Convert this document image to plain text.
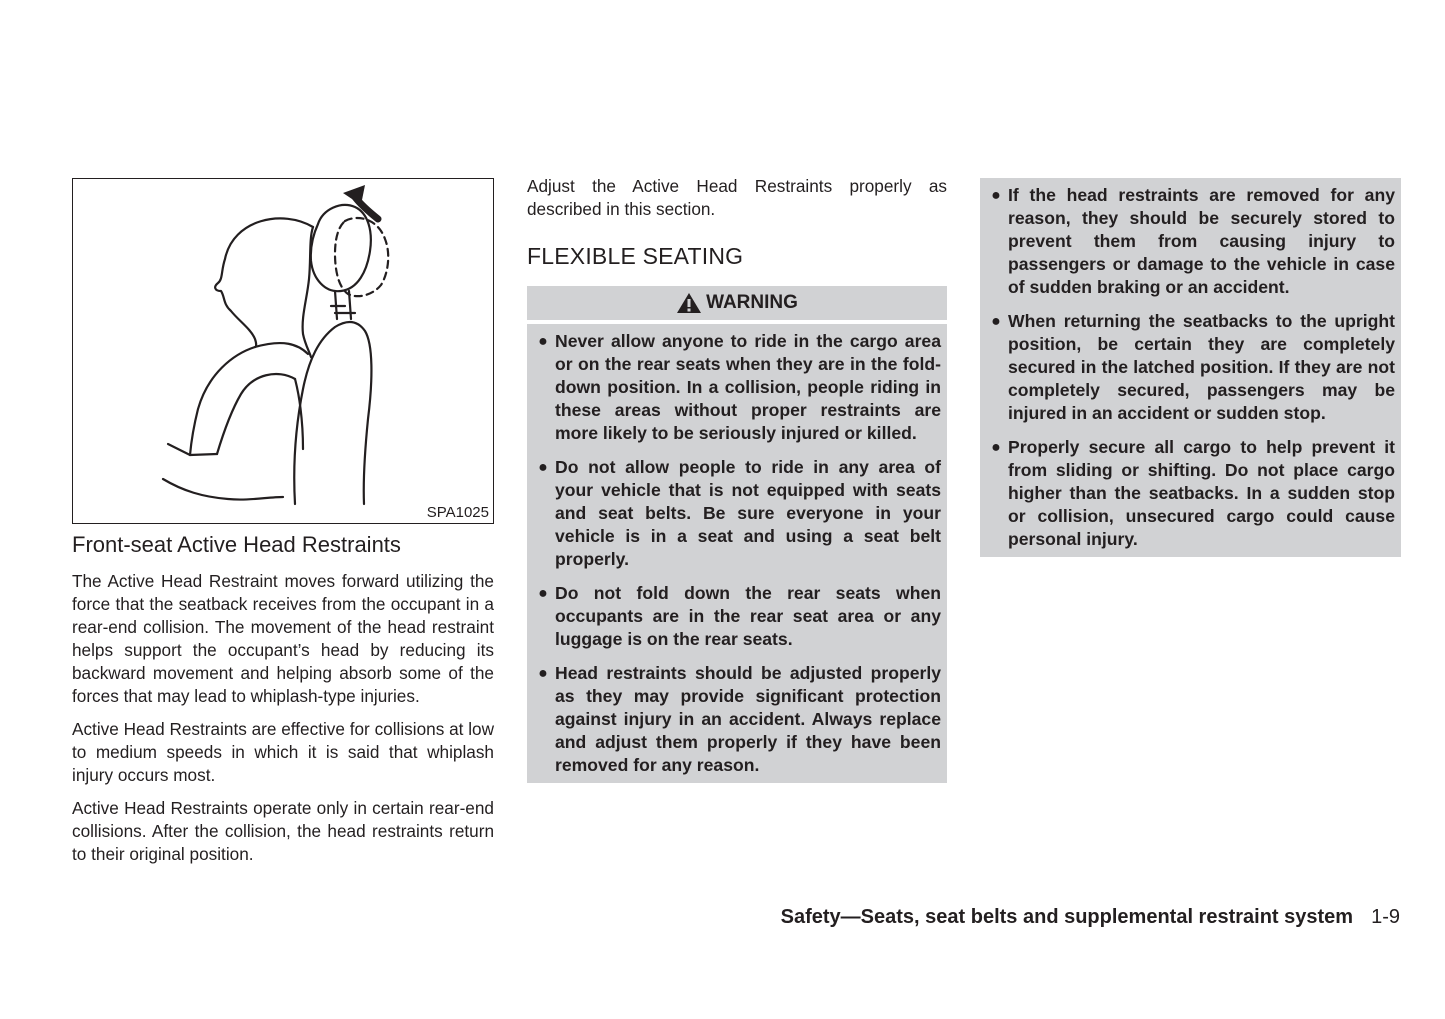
SPA1025
Front-seat Active Head Restraints

The Active Head Restraint moves forward utilizing the force that the seatback receives from the occupant in a rear-end collision. The movement of the head restraint helps support the occupant’s head by reducing its backward movement and helping absorb some of the forces that may lead to whiplash-type injuries.

Active Head Restraints are effective for collisions at low to medium speeds in which it is said that whiplash injury occurs most.

Active Head Restraints operate only in certain rear-end collisions. After the collision, the head restraints return to their original position.

Adjust the Active Head Restraints properly as described in this section.

FLEXIBLE SEATING
WARNING
● Never allow anyone to ride in the cargo area or on the rear seats when they are in the fold-down position. In a collision, people riding in these areas without proper restraints are more likely to be seriously injured or killed.
● Do not allow people to ride in any area of your vehicle that is not equipped with seats and seat belts. Be sure everyone in your vehicle is in a seat and using a seat belt properly.
● Do not fold down the rear seats when occupants are in the rear seat area or any luggage is on the rear seats.
● Head restraints should be adjusted properly as they may provide significant protection against injury in an accident. Always replace and adjust them properly if they have been removed for any reason.
● If the head restraints are removed for any reason, they should be securely stored to prevent them from causing injury to passengers or damage to the vehicle in case of sudden braking or an accident.
● When returning the seatbacks to the upright position, be certain they are completely secured in the latched position. If they are not completely secured, passengers may be injured in an accident or sudden stop.
● Properly secure all cargo to help prevent it from sliding or shifting. Do not place cargo higher than the seatbacks. In a sudden stop or collision, unsecured cargo could cause personal injury.
Safety—Seats, seat belts and supplemental restraint system 1-9
